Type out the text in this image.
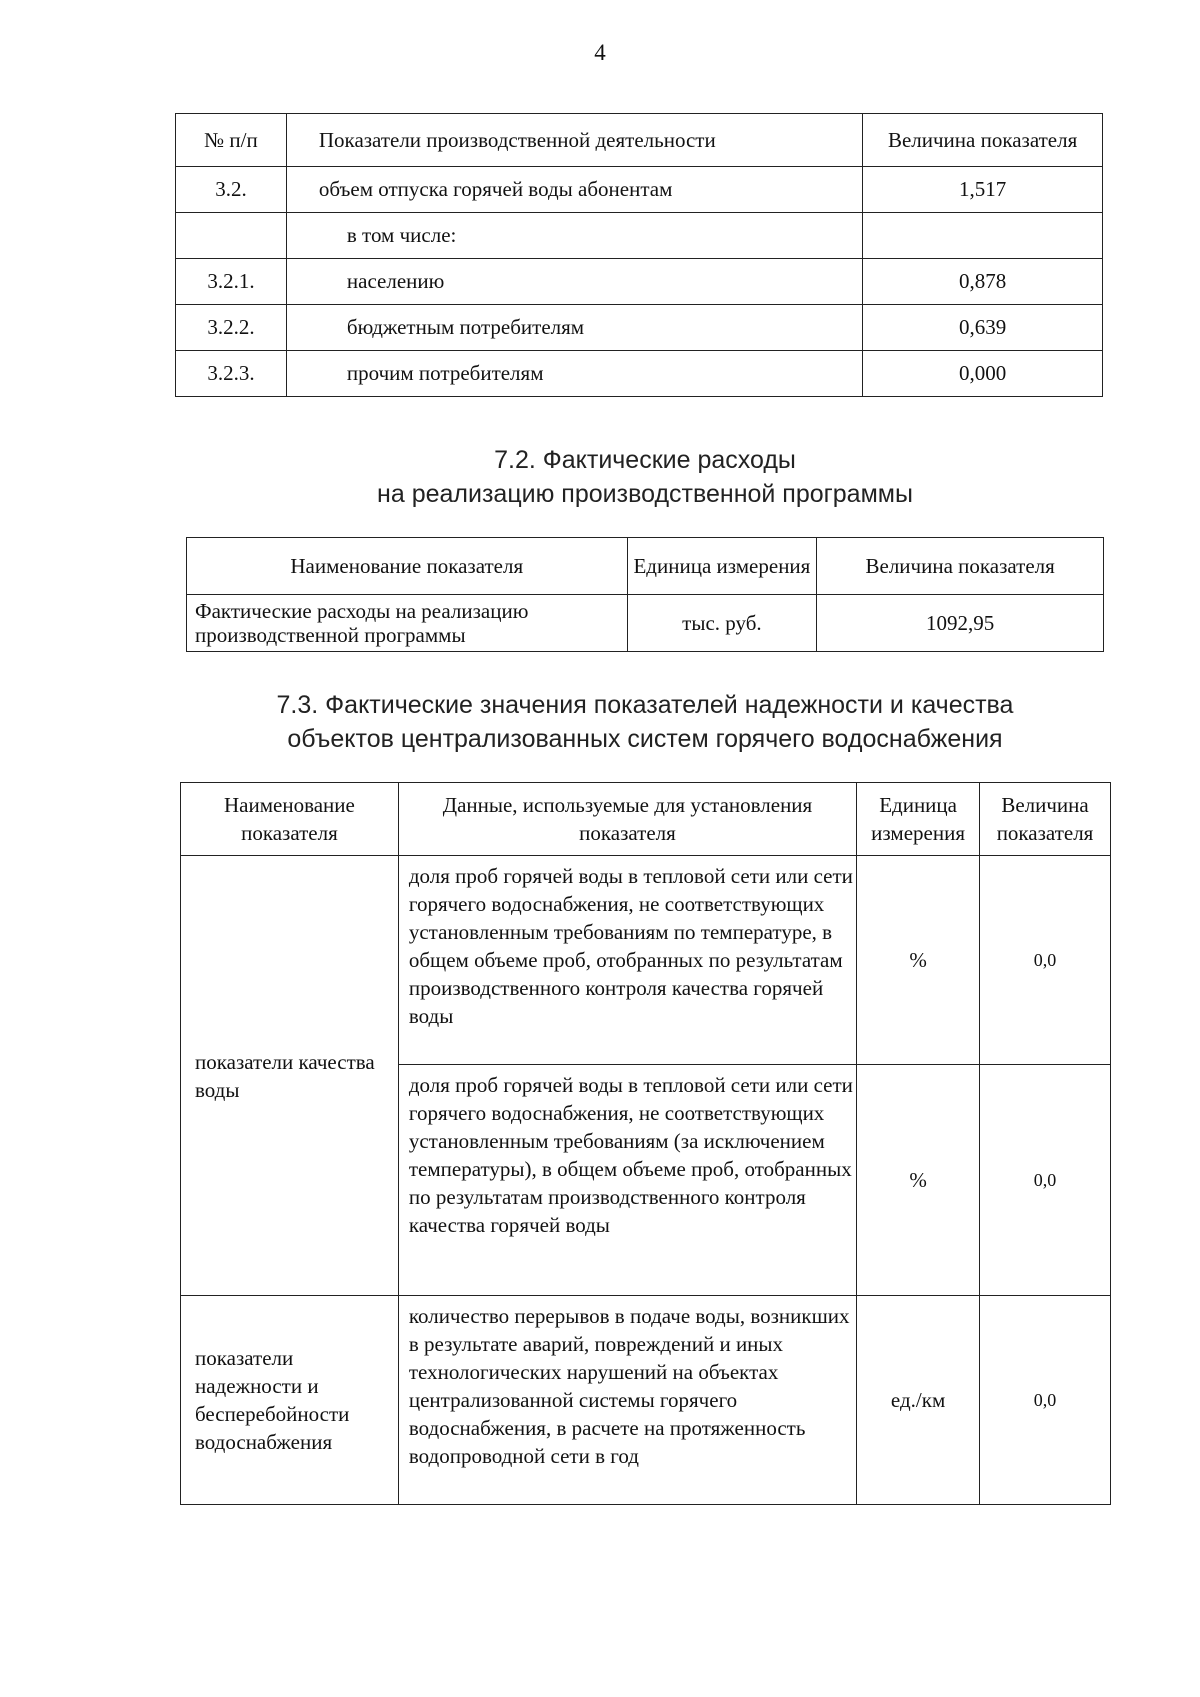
4
№ п/п	Показатели производственной деятельности	Величина показателя
3.2.	объем отпуска горячей воды абонентам	1,517
	в том числе:	
3.2.1.	населению	0,878
3.2.2.	бюджетным потребителям	0,639
3.2.3.	прочим потребителям	0,000
7.2. Фактические расходы
на реализацию производственной программы
Наименование показателя	Единица измерения	Величина показателя
Фактические расходы на реализацию производственной программы	тыс. руб.	1092,95
7.3. Фактические значения показателей надежности и качества
объектов централизованных систем горячего водоснабжения
Наименование показателя	Данные, используемые для установления показателя	Единица измерения	Величина показателя
показатели качества воды	доля проб горячей воды в тепловой сети или сети горячего водоснабжения, не соответствующих установленным требованиям по температуре, в общем объеме проб, отобранных по результатам производственного контроля качества горячей воды	%	0,0
	доля проб горячей воды в тепловой сети или сети горячего водоснабжения, не соответствующих установленным требованиям (за исключением температуры), в общем объеме проб, отобранных по результатам производственного контроля качества горячей воды	%	0,0
показатели надежности и бесперебойности водоснабжения	количество перерывов в подаче воды, возникших в результате аварий, повреждений и иных технологических нарушений на объектах централизованной системы горячего водоснабжения, в расчете на протяженность водопроводной сети в год	ед./км	0,0
